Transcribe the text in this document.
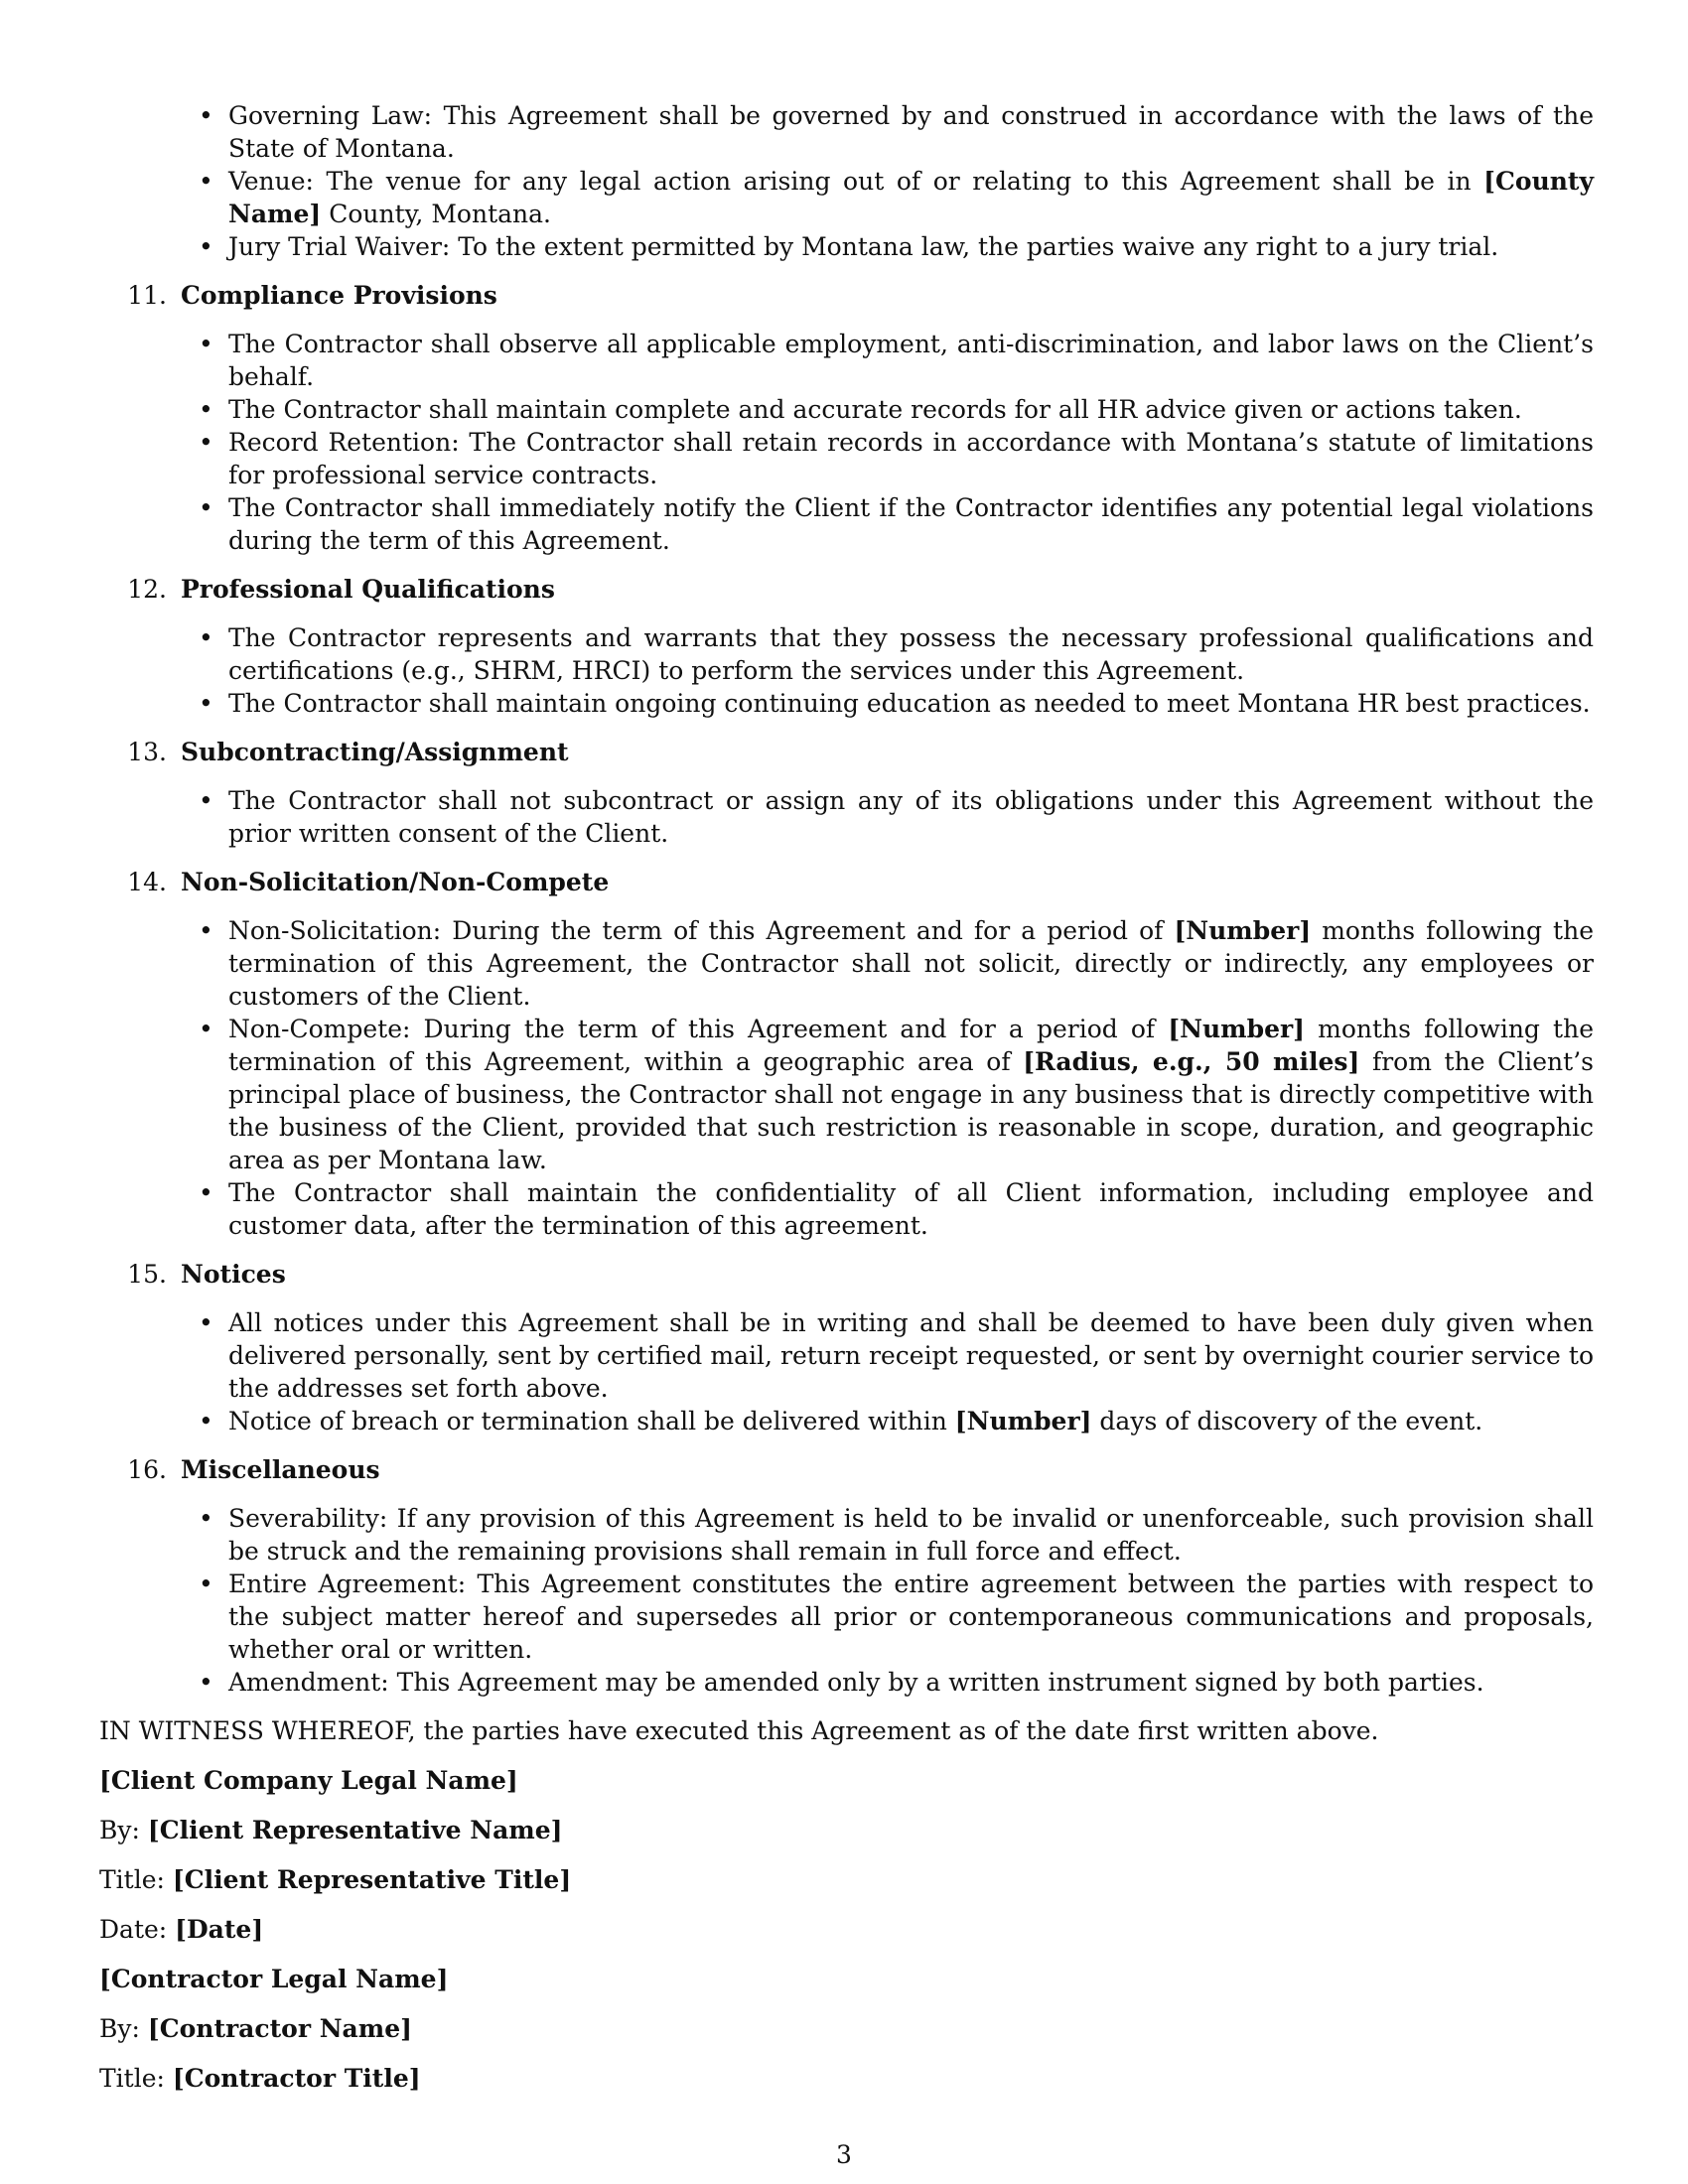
• Governing Law: This Agreement shall be governed by and construed in accordance with the laws of the State of Montana.
• Venue: The venue for any legal action arising out of or relating to this Agreement shall be in [County Name] County, Montana.
• Jury Trial Waiver: To the extent permitted by Montana law, the parties waive any right to a jury trial.
11. Compliance Provisions
• The Contractor shall observe all applicable employment, anti-discrimination, and labor laws on the Client’s behalf.
• The Contractor shall maintain complete and accurate records for all HR advice given or actions taken.
• Record Retention: The Contractor shall retain records in accordance with Montana’s statute of limitations for professional service contracts.
• The Contractor shall immediately notify the Client if the Contractor identifies any potential legal violations during the term of this Agreement.
12. Professional Qualifications
• The Contractor represents and warrants that they possess the necessary professional qualifications and certifications (e.g., SHRM, HRCI) to perform the services under this Agreement.
• The Contractor shall maintain ongoing continuing education as needed to meet Montana HR best practices.
13. Subcontracting/Assignment
• The Contractor shall not subcontract or assign any of its obligations under this Agreement without the prior written consent of the Client.
14. Non-Solicitation/Non-Compete
• Non-Solicitation: During the term of this Agreement and for a period of [Number] months following the termination of this Agreement, the Contractor shall not solicit, directly or indirectly, any employees or customers of the Client.
• Non-Compete: During the term of this Agreement and for a period of [Number] months following the termination of this Agreement, within a geographic area of [Radius, e.g., 50 miles] from the Client’s principal place of business, the Contractor shall not engage in any business that is directly competitive with the business of the Client, provided that such restriction is reasonable in scope, duration, and geographic area as per Montana law.
• The Contractor shall maintain the confidentiality of all Client information, including employee and customer data, after the termination of this agreement.
15. Notices
• All notices under this Agreement shall be in writing and shall be deemed to have been duly given when delivered personally, sent by certified mail, return receipt requested, or sent by overnight courier service to the addresses set forth above.
• Notice of breach or termination shall be delivered within [Number] days of discovery of the event.
16. Miscellaneous
• Severability: If any provision of this Agreement is held to be invalid or unenforceable, such provision shall be struck and the remaining provisions shall remain in full force and effect.
• Entire Agreement: This Agreement constitutes the entire agreement between the parties with respect to the subject matter hereof and supersedes all prior or contemporaneous communications and proposals, whether oral or written.
• Amendment: This Agreement may be amended only by a written instrument signed by both parties.

IN WITNESS WHEREOF, the parties have executed this Agreement as of the date first written above.

[Client Company Legal Name]
By: [Client Representative Name]
Title: [Client Representative Title]
Date: [Date]
[Contractor Legal Name]
By: [Contractor Name]
Title: [Contractor Title]
3
